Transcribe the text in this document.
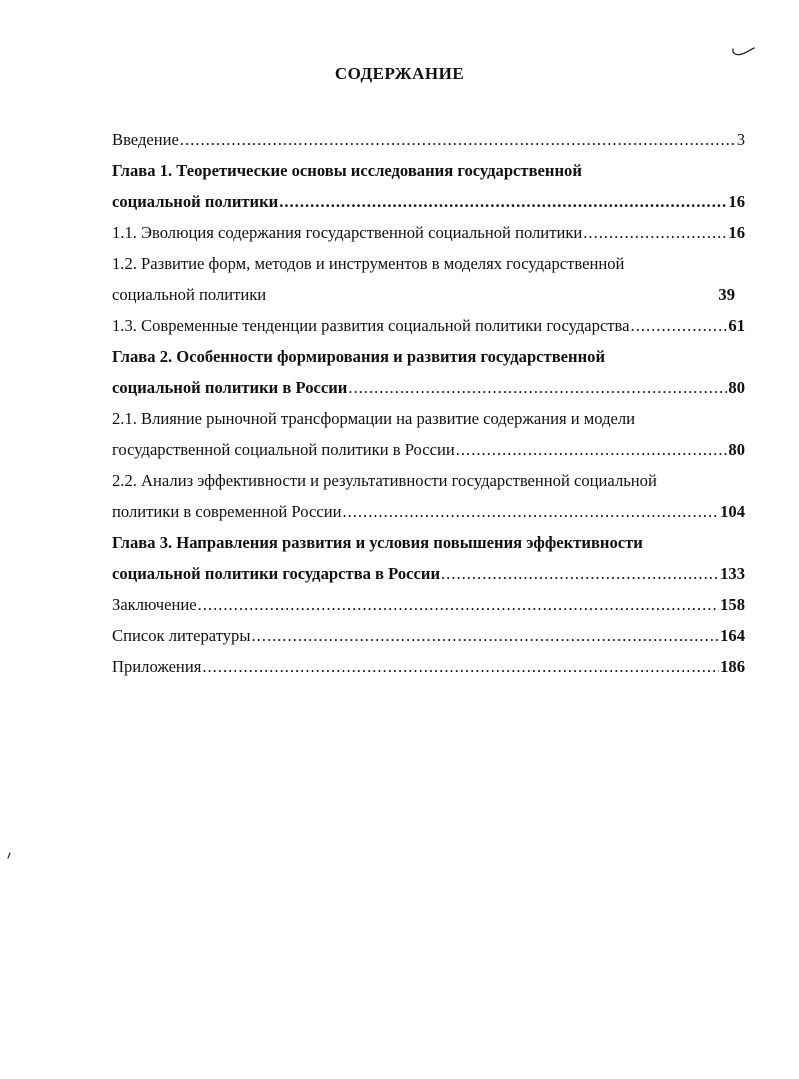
СОДЕРЖАНИЕ
Введение .....	3
Глава 1. Теоретические основы исследования государственной
социальной политики .....	16
1.1. Эволюция содержания государственной социальной политики .....	16
1.2. Развитие форм, методов и инструментов в моделях государственной
социальной политики	39
1.3. Современные тенденции развития социальной политики государства .....	61
Глава 2. Особенности формирования и развития государственной
социальной политики в России .....	80
2.1. Влияние рыночной трансформации на развитие содержания и модели
государственной социальной политики в России .....	80
2.2. Анализ эффективности и результативности государственной социальной
политики в современной России .....	104
Глава 3. Направления развития и условия повышения эффективности
социальной политики государства в России .....	133
Заключение .....	158
Список литературы .....	164
Приложения .....	186
